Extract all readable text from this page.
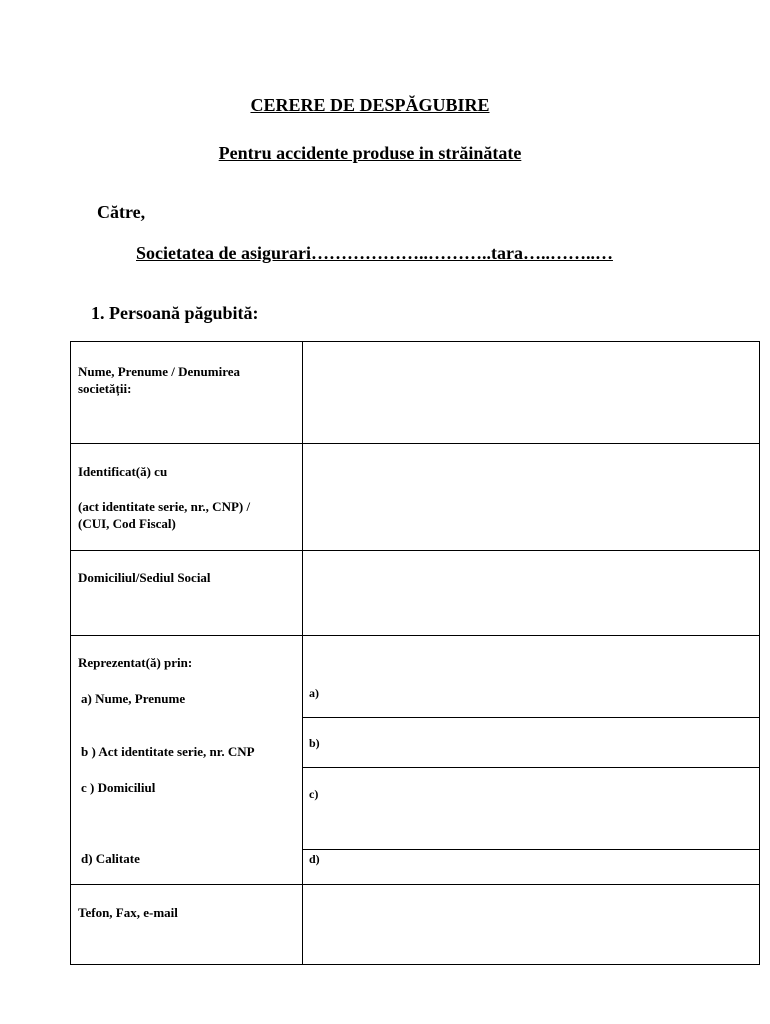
CERERE DE DESPĂGUBIRE
Pentru accidente produse in străinătate
Către,
Societatea de asigurari………………..………..tara…..……..…
1. Persoană păgubită:
Nume, Prenume / Denumirea
societății:
Identificat(ă) cu
(act identitate serie, nr., CNP) /
(CUI, Cod Fiscal)
Domiciliul/Sediul Social
Reprezentat(ă) prin:
a) Nume, Prenume
b ) Act identitate serie, nr. CNP
c ) Domiciliul
d) Calitate
Tefon, Fax, e-mail
a)
b)
c)
d)
